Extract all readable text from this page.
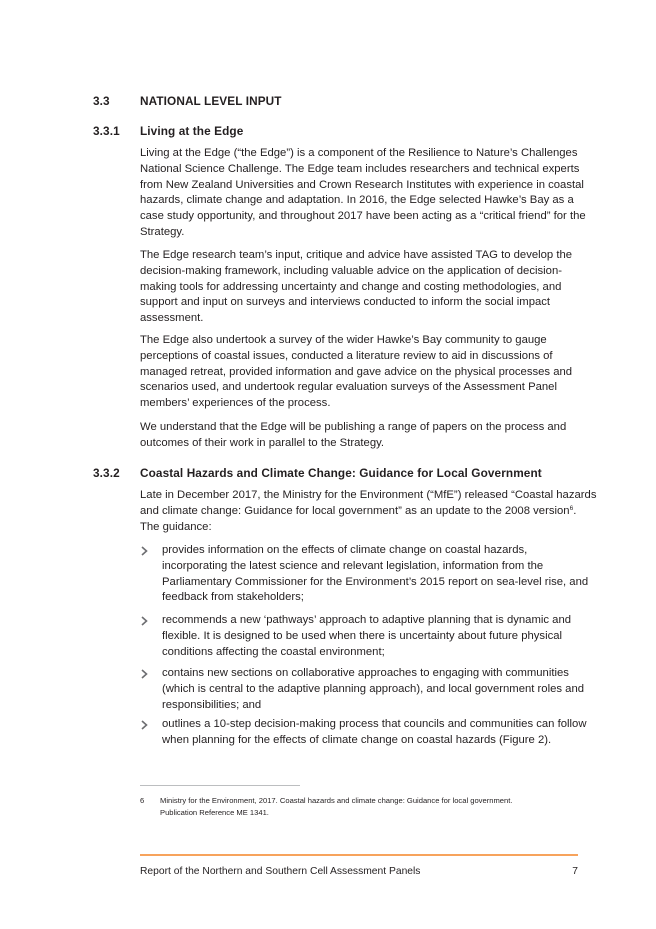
3.3	NATIONAL LEVEL INPUT
3.3.1 Living at the Edge

Living at the Edge (“the Edge”) is a component of the Resilience to Nature’s Challenges
National Science Challenge. The Edge team includes researchers and technical experts
from New Zealand Universities and Crown Research Institutes with experience in coastal
hazards, climate change and adaptation. In 2016, the Edge selected Hawke’s Bay as a
case study opportunity, and throughout 2017 have been acting as a “critical friend” for the
Strategy.

The Edge research team’s input, critique and advice have assisted TAG to develop the
decision-making framework, including valuable advice on the application of decision-
making tools for addressing uncertainty and change and costing methodologies, and
support and input on surveys and interviews conducted to inform the social impact
assessment.

The Edge also undertook a survey of the wider Hawke’s Bay community to gauge
perceptions of coastal issues, conducted a literature review to aid in discussions of
managed retreat, provided information and gave advice on the physical processes and
scenarios used, and undertook regular evaluation surveys of the Assessment Panel
members’ experiences of the process.

We understand that the Edge will be publishing a range of papers on the process and
outcomes of their work in parallel to the Strategy.

3.3.2 Coastal Hazards and Climate Change: Guidance for Local Government

Late in December 2017, the Ministry for the Environment (“MfE”) released “Coastal hazards
and climate change: Guidance for local government” as an update to the 2008 version$^6$.
The guidance:

provides information on the effects of climate change on coastal hazards,
incorporating the latest science and relevant legislation, information from the
Parliamentary Commissioner for the Environment’s 2015 report on sea-level rise, and
feedback from stakeholders;

recommends a new ‘pathways’ approach to adaptive planning that is dynamic and
flexible. It is designed to be used when there is uncertainty about future physical
conditions affecting the coastal environment;

contains new sections on collaborative approaches to engaging with communities
(which is central to the adaptive planning approach), and local government roles and
responsibilities; and

outlines a 10-step decision-making process that councils and communities can follow
when planning for the effects of climate change on coastal hazards (Figure 2).

6 Ministry for the Environment, 2017. Coastal hazards and climate change: Guidance for local government.
Publication Reference ME 1341.
Report of the Northern and Southern Cell Assessment Panels	7
